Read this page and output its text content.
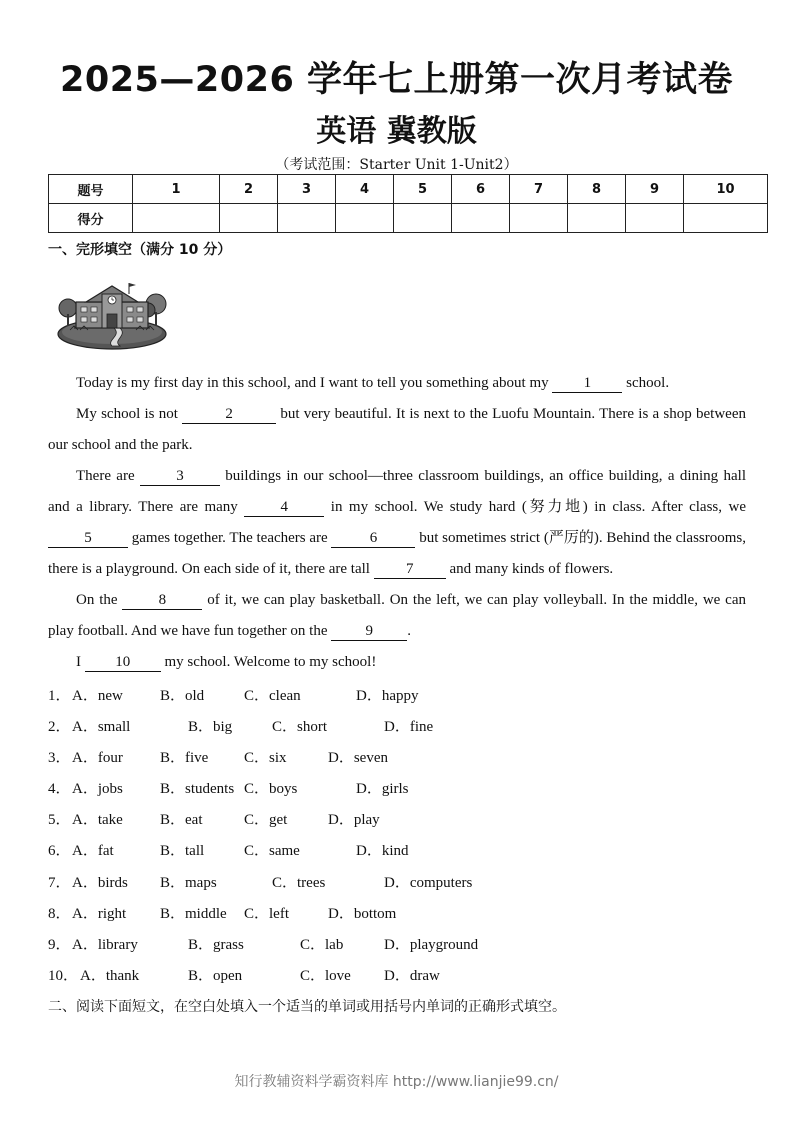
2025—2026 学年七上册第一次月考试卷
英语 冀教版
（考试范围：Starter Unit 1-Unit2）
题号	1	2	3	4	5	6	7	8	9	10
得分										
一、完形填空（满分 10 分）

Today is my first day in this school, and I want to tell you something about my 1 school.

My school is not	2	but very beautiful. It is next to the Luofu Mountain. There is a shop between our school and the park.

There are 3 buildings in our school—three classroom buildings, an office building, a dining hall and a library. There are many 4 in my school. We study hard (努力地) in class. After class, we 5 games together. The teachers are	6	but sometimes strict (严厉的). Behind the classrooms, there is a playground. On each side of it, there are tall 7 and many kinds of flowers.

On the 8 of it, we can play basketball. On the left, we can play volleyball. In the middle, we can play football. And we have fun together on the 9 .

I 10 my school. Welcome to my school!

1． A．new B．old	C．clean	D．happy
2． A．small	B．big	C．short	D．fine
3． A．four B．five C．six	D．seven
4． A．jobs B．students C．boys	D．girls
5． A．take B．eat	C．get	D．play
6． A．fat	B．tall	C．same	D．kind
7． A．birds B．maps	C．trees	D．computers
8． A．right B．middle C．left	D．bottom
9． A．library	B．grass	C．lab	D．playground
10． A．thank	B．open	C．love D．draw
二、阅读下面短文，在空白处填入一个适当的单词或用括号内单词的正确形式填空。
知行教辅资料学霸资料库 http://www.lianjie99.cn/
